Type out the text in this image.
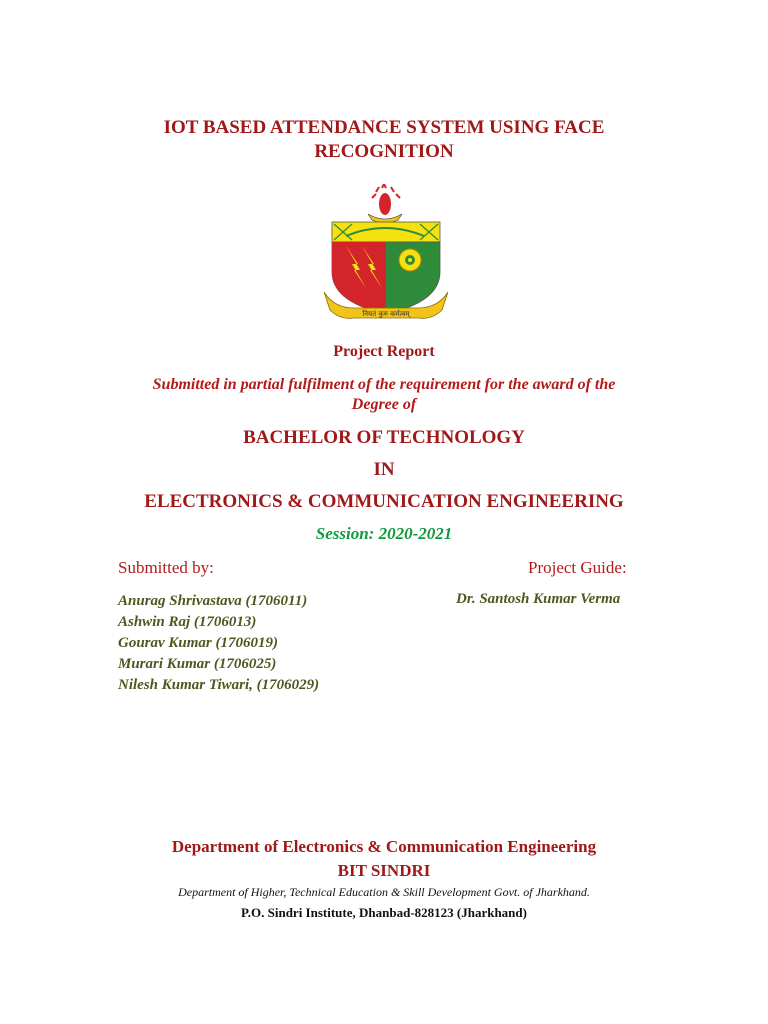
IOT BASED ATTENDANCE SYSTEM USING FACE
RECOGNITION
नियतं कुरु कर्मत्वम्
Project Report
Submitted in partial fulfilment of the requirement for the award of the
Degree of
BACHELOR OF TECHNOLOGY
IN
ELECTRONICS & COMMUNICATION ENGINEERING
Session: 2020-2021
Submitted by:	Project Guide:
Anurag Shrivastava (1706011)
Ashwin Raj (1706013)
Gourav Kumar (1706019)
Murari Kumar (1706025)
Nilesh Kumar Tiwari, (1706029)
Dr. Santosh Kumar Verma
Department of Electronics & Communication Engineering
BIT SINDRI
Department of Higher, Technical Education & Skill Development Govt. of Jharkhand.
P.O. Sindri Institute, Dhanbad-828123 (Jharkhand)
